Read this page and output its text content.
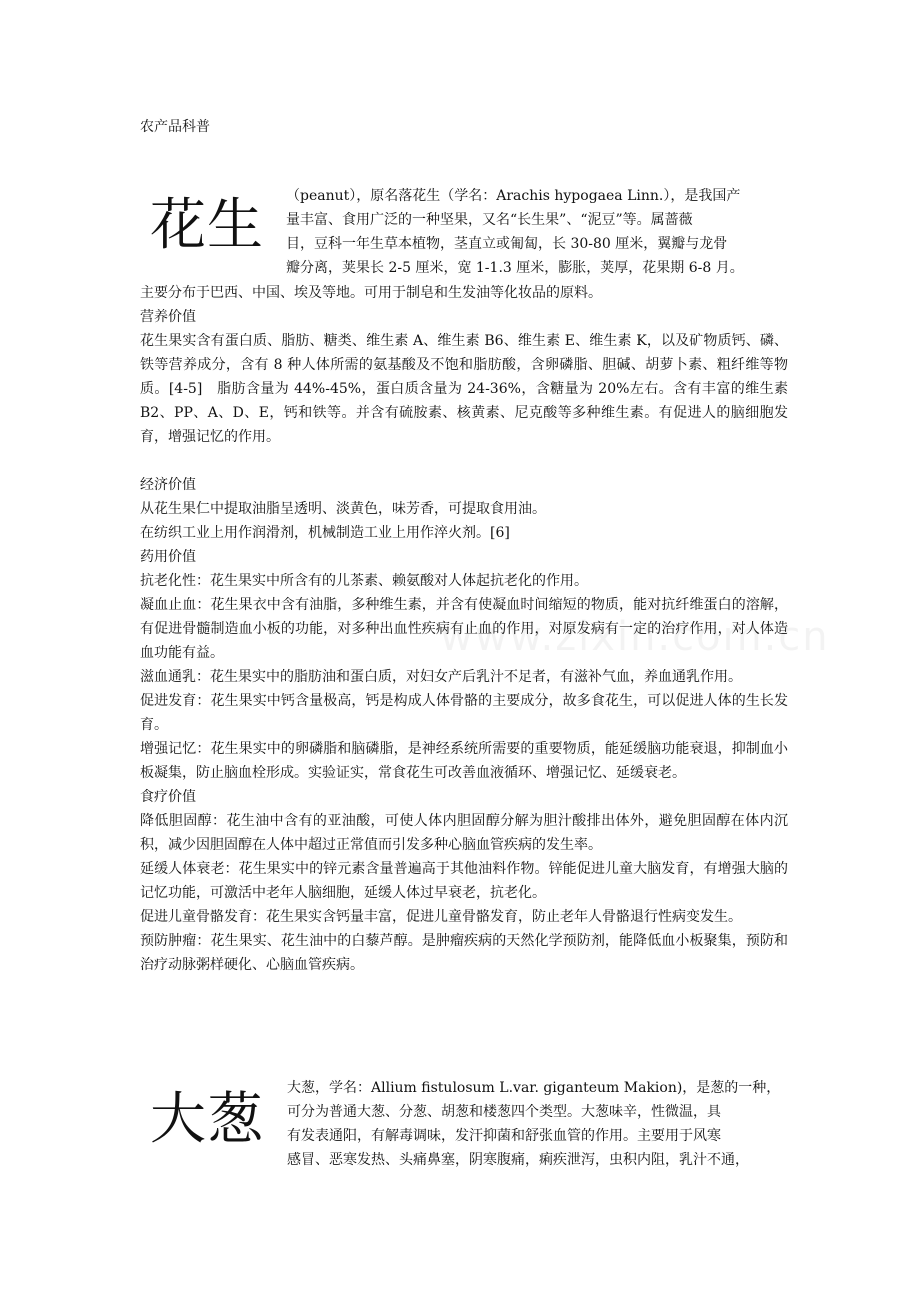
农产品科普
花生 （peanut），原名落花生（学名：Arachis hypogaea Linn.），是我国产
量丰富、食用广泛的一种坚果，又名“长生果”、“泥豆”等。属蔷薇
目，豆科一年生草本植物，茎直立或匍匐，长 30-80 厘米，翼瓣与龙骨
瓣分离，荚果长 2-5 厘米，宽 1-1.3 厘米，膨胀，荚厚，花果期 6-8 月。

主要分布于巴西、中国、埃及等地。可用于制皂和生发油等化妆品的原料。

营养价值

花生果实含有蛋白质、脂肪、糖类、维生素 A、维生素 B6、维生素 E、维生素 K，以及矿物质钙、磷、铁等营养成分，含有 8 种人体所需的氨基酸及不饱和脂肪酸，含卵磷脂、胆碱、胡萝卜素、粗纤维等物质。[4-5]　脂肪含量为 44%-45%，蛋白质含量为 24-36%，含糖量为 20%左右。含有丰富的维生素 B2、PP、A、D、E，钙和铁等。并含有硫胺素、核黄素、尼克酸等多种维生素。有促进人的脑细胞发育，增强记忆的作用。

经济价值

从花生果仁中提取油脂呈透明、淡黄色，味芳香，可提取食用油。

在纺织工业上用作润滑剂，机械制造工业上用作淬火剂。[6]

药用价值

抗老化性：花生果实中所含有的儿茶素、赖氨酸对人体起抗老化的作用。

凝血止血：花生果衣中含有油脂，多种维生素，并含有使凝血时间缩短的物质，能对抗纤维蛋白的溶解，有促进骨髓制造血小板的功能，对多种出血性疾病有止血的作用，对原发病有一定的治疗作用，对人体造血功能有益。

滋血通乳：花生果实中的脂肪油和蛋白质，对妇女产后乳汁不足者，有滋补气血，养血通乳作用。

促进发育：花生果实中钙含量极高，钙是构成人体骨骼的主要成分，故多食花生，可以促进人体的生长发育。

增强记忆：花生果实中的卵磷脂和脑磷脂，是神经系统所需要的重要物质，能延缓脑功能衰退，抑制血小板凝集，防止脑血栓形成。实验证实，常食花生可改善血液循环、增强记忆、延缓衰老。

食疗价值

降低胆固醇：花生油中含有的亚油酸，可使人体内胆固醇分解为胆汁酸排出体外，避免胆固醇在体内沉积，减少因胆固醇在人体中超过正常值而引发多种心脑血管疾病的发生率。

延缓人体衰老：花生果实中的锌元素含量普遍高于其他油料作物。锌能促进儿童大脑发育，有增强大脑的记忆功能，可激活中老年人脑细胞，延缓人体过早衰老，抗老化。

促进儿童骨骼发育：花生果实含钙量丰富，促进儿童骨骼发育，防止老年人骨骼退行性病变发生。

预防肿瘤：花生果实、花生油中的白藜芦醇。是肿瘤疾病的天然化学预防剂，能降低血小板聚集，预防和治疗动脉粥样硬化、心脑血管疾病。

大葱 大葱，学名：Allium fistulosum L.var. giganteum Makion)，是葱的一种，
可分为普通大葱、分葱、胡葱和楼葱四个类型。大葱味辛，性微温，具
有发表通阳，有解毒调味，发汗抑菌和舒张血管的作用。主要用于风寒
感冒、恶寒发热、头痛鼻塞，阴寒腹痛，痢疾泄泻，虫积内阻，乳汁不通，
